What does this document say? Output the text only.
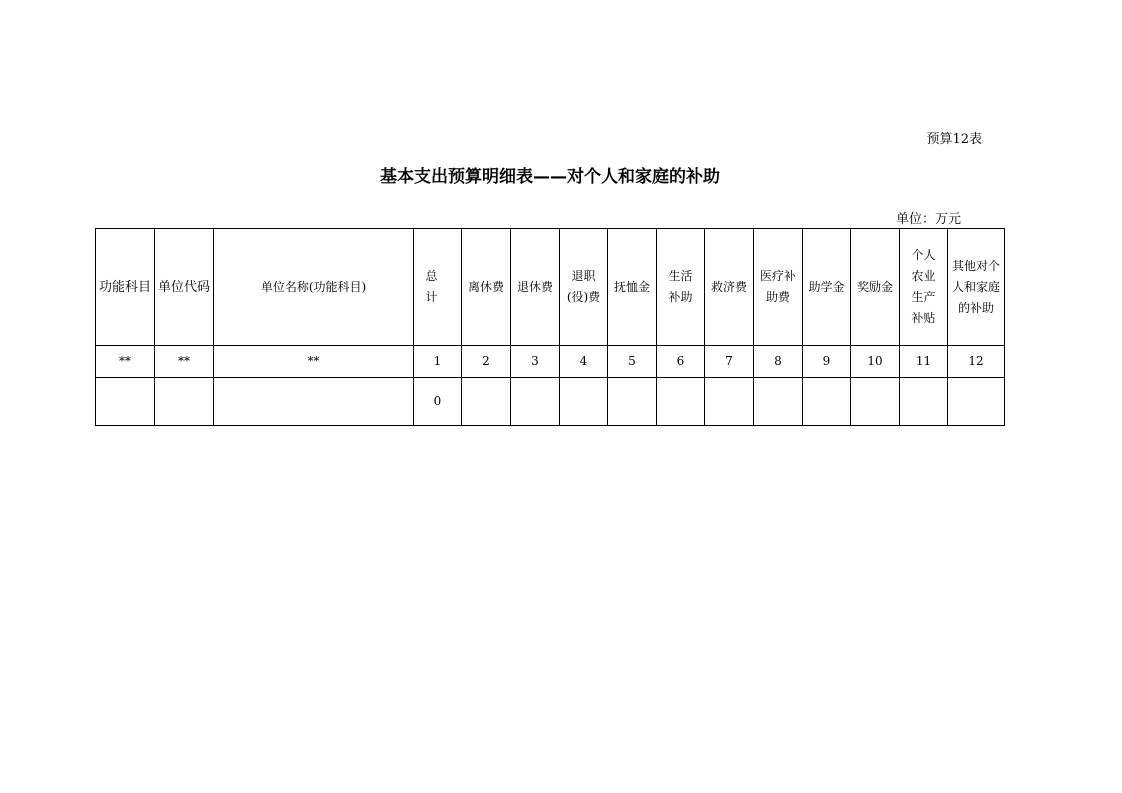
预算12表
基本支出预算明细表——对个人和家庭的补助
单位：万元
功能科目	单位代码	单位名称(功能科目)	总计	离休费	退休费	退职(役)费	抚恤金	生活补助	救济费	医疗补助费	助学金	奖励金	个人农业生产补贴	其他对个人和家庭的补助

**	**	**	1	2	3	4	5	6	7	8	9	10	11	12
			0											
